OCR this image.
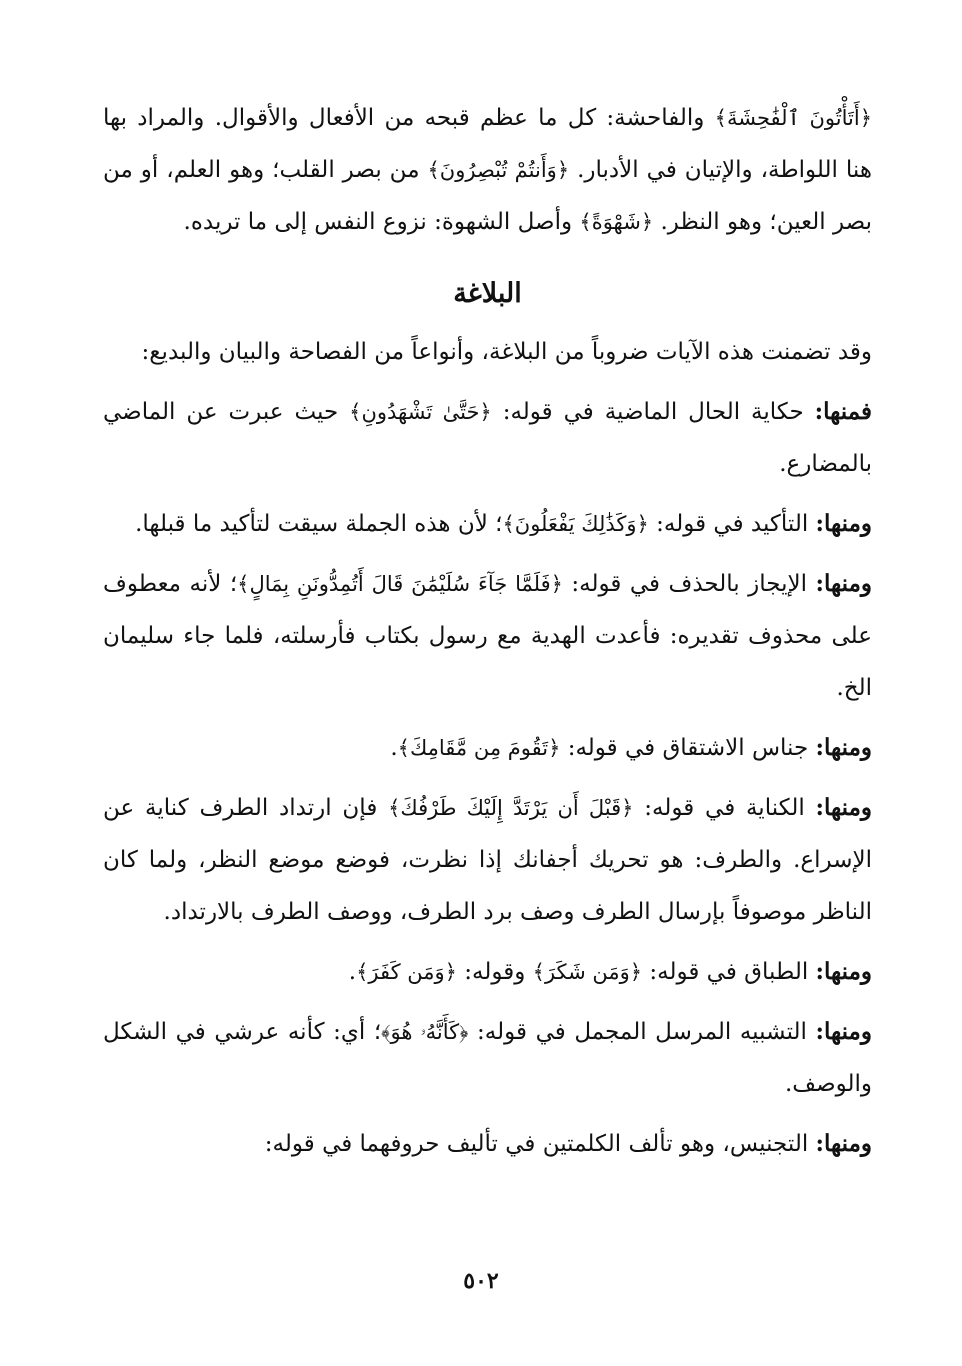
﴿أَتَأْتُونَ ٱلْفَٰحِشَةَ﴾ والفاحشة: كل ما عظم قبحه من الأفعال والأقوال. والمراد بها هنا اللواطة، والإتيان في الأدبار. ﴿وَأَنتُمْ تُبْصِرُونَ﴾ من بصر القلب؛ وهو العلم، أو من بصر العين؛ وهو النظر. ﴿شَهْوَةً﴾ وأصل الشهوة: نزوع النفس إلى ما تريده.

البلاغة

وقد تضمنت هذه الآيات ضروباً من البلاغة، وأنواعاً من الفصاحة والبيان والبديع:

فمنها: حكاية الحال الماضية في قوله: ﴿حَتَّىٰ تَشْهَدُونِ﴾ حيث عبرت عن الماضي بالمضارع.

ومنها: التأكيد في قوله: ﴿وَكَذَٰلِكَ يَفْعَلُونَ﴾؛ لأن هذه الجملة سيقت لتأكيد ما قبلها.

ومنها: الإيجاز بالحذف في قوله: ﴿فَلَمَّا جَآءَ سُلَيْمَٰنَ قَالَ أَتُمِدُّونَنِ بِمَالٍ﴾؛ لأنه معطوف على محذوف تقديره: فأعدت الهدية مع رسول بكتاب فأرسلته، فلما جاء سليمان الخ.

ومنها: جناس الاشتقاق في قوله: ﴿تَقُومَ مِن مَّقَامِكَ﴾.

ومنها: الكناية في قوله: ﴿قَبْلَ أَن يَرْتَدَّ إِلَيْكَ طَرْفُكَ﴾ فإن ارتداد الطرف كناية عن الإسراع. والطرف: هو تحريك أجفانك إذا نظرت، فوضع موضع النظر، ولما كان الناظر موصوفاً بإرسال الطرف وصف برد الطرف، ووصف الطرف بالارتداد.

ومنها: الطباق في قوله: ﴿وَمَن شَكَرَ﴾ وقوله: ﴿وَمَن كَفَرَ﴾.

ومنها: التشبيه المرسل المجمل في قوله: ﴿كَأَنَّهُۥ هُوَ﴾؛ أي: كأنه عرشي في الشكل والوصف.

ومنها: التجنيس، وهو تألف الكلمتين في تأليف حروفهما في قوله:

٥٠٢
